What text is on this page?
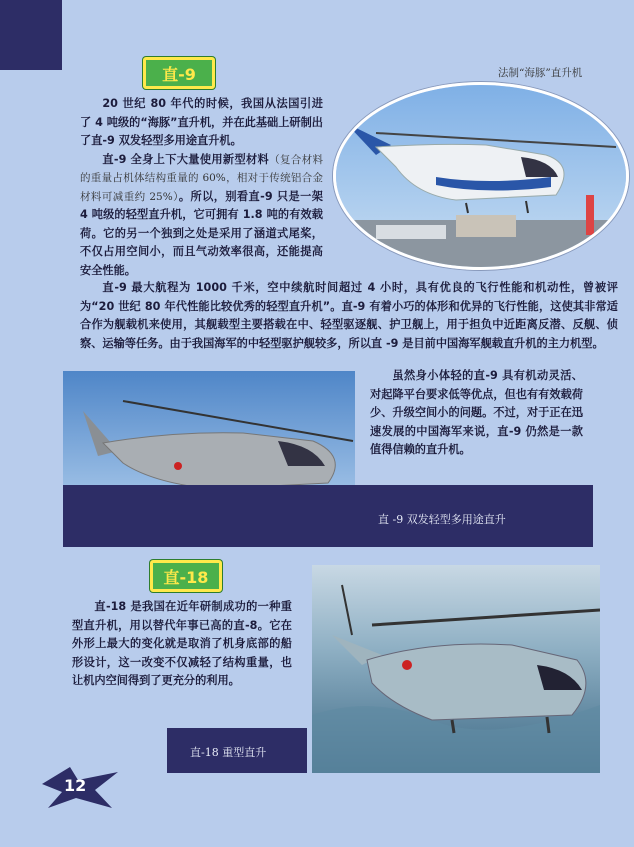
直-9	法制“海豚”直升机

20 世纪 80 年代的时候，我国从法国引进了 4 吨级的“海豚”直升机，并在此基础上研制出了直-9 双发轻型多用途直升机。

直-9 全身上下大量使用新型材料（复合材料的重量占机体结构重量的 60%，相对于传统铝合金材料可减重约 25%）。所以，别看直-9 只是一架 4 吨级的轻型直升机，它可拥有 1.8 吨的有效载荷。它的另一个独到之处是采用了涵道式尾桨，不仅占用空间小，而且气动效率很高，还能提高安全性能。

直-9 最大航程为 1000 千米，空中续航时间超过 4 小时，具有优良的飞行性能和机动性，曾被评为“20 世纪 80 年代性能比较优秀的轻型直升机”。直-9 有着小巧的体形和优异的飞行性能，这使其非常适合作为舰载机来使用，其舰载型主要搭载在中、轻型驱逐舰、护卫舰上，用于担负中近距离反潜、反舰、侦察、运输等任务。由于我国海军的中轻型驱护舰较多，所以直 -9 是目前中国海军舰载直升机的主力机型。

虽然身小体轻的直-9 具有机动灵活、对起降平台要求低等优点，但也有有效载荷少、升级空间小的问题。不过，对于正在迅速发展的中国海军来说，直-9 仍然是一款值得信赖的直升机。

直 -9 双发轻型多用途直升
直-18

直-18 是我国在近年研制成功的一种重型直升机，用以替代年事已高的直-8。它在外形上最大的变化就是取消了机身底部的船形设计，这一改变不仅减轻了结构重量，也让机内空间得到了更充分的利用。

直-18 重型直升
12
